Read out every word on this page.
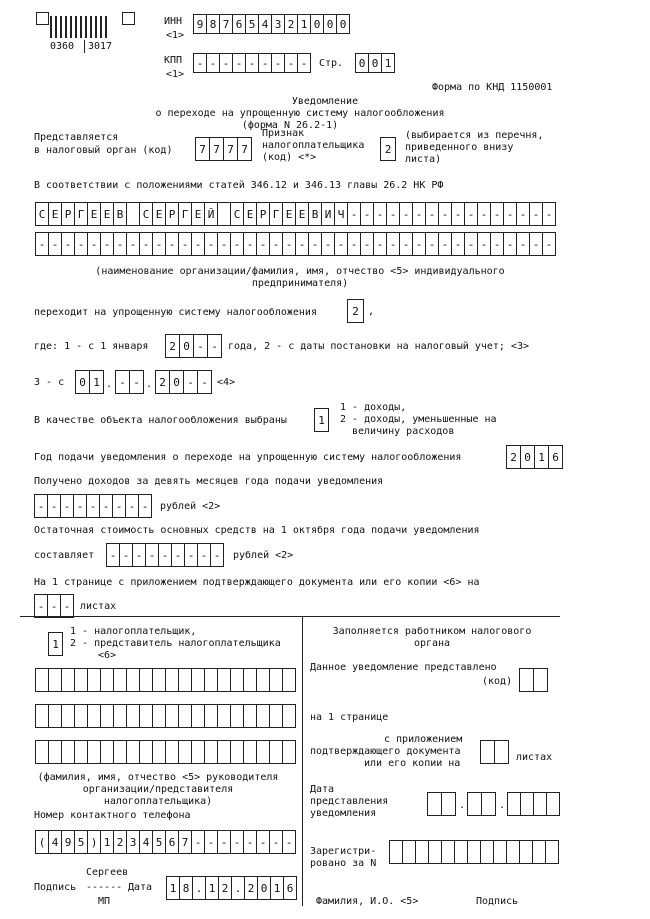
0360 3017
ИНН
<1>
9 8 7 6 5 4 3 2 1 0 0 0
КПП
<1>
- - - - - - - - -	Стр. 0 0 1
Форма по КНД 1150001
Уведомление
о переходе на упрощенную систему налогообложения
(форма N 26.2-1)
Представляется
в налоговый орган (код) 7 7 7 7
Признак
налогоплательщика
(код) <*>
2
(выбирается из перечня,
приведенного внизу
листа)
В соответствии с положениями статей 346.12 и 346.13 главы 26.2 НК РФ
С Е Р Г Е Е В	С Е Р Г Е Й	С Е Р Г Е Е В И Ч - - - - - - - - - - - - - - - -
- - - - - - - - - - - - - - - - - - - - - - - - - - - - - - - - - - - - - - - -
(наименование организации/фамилия, имя, отчество <5> индивидуального
предпринимателя)
переходит на упрощенную систему налогообложения	2 ,
где: 1 - с 1 января 2 0 - -	года, 2 - с даты постановки на налоговый учет; <3>
3 - с 0 1 . - - . 2 0 - - <4>
В качестве объекта налогообложения выбраны	1
1 - доходы,
2 - доходы, уменьшенные на
величину расходов
Год подачи уведомления о переходе на упрощенную систему налогообложения	2 0 1 6
Получено доходов за девять месяцев года подачи уведомления
- - - - - - - - -	рублей <2>
Остаточная стоимость основных средств на 1 октября года подачи уведомления
составляет - - - - - - - - -	рублей <2>
На 1 странице с приложением подтверждающего документа или его копии <6> на
- - - листах
1
1 - налогоплательщик,
2 - представитель налогоплательщика
<6>
(фамилия, имя, отчество <5> руководителя
организации/представителя
налогоплательщика)
Номер контактного телефона
( 4 9 5 ) 1 2 3 4 5 6 7 - - - - - - - -
Сергеев
Подпись ------ Дата
МП
1 8 . 1 2 . 2 0 1 6
Заполняется работником налогового
органа
Данное уведомление представлено
(код)
на 1 странице
с приложением
подтверждающего документа
или его копии на
листах
Дата
представления
уведомления
.	.
Зарегистри-
ровано за N
Фамилия, И.О. <5>	Подпись
